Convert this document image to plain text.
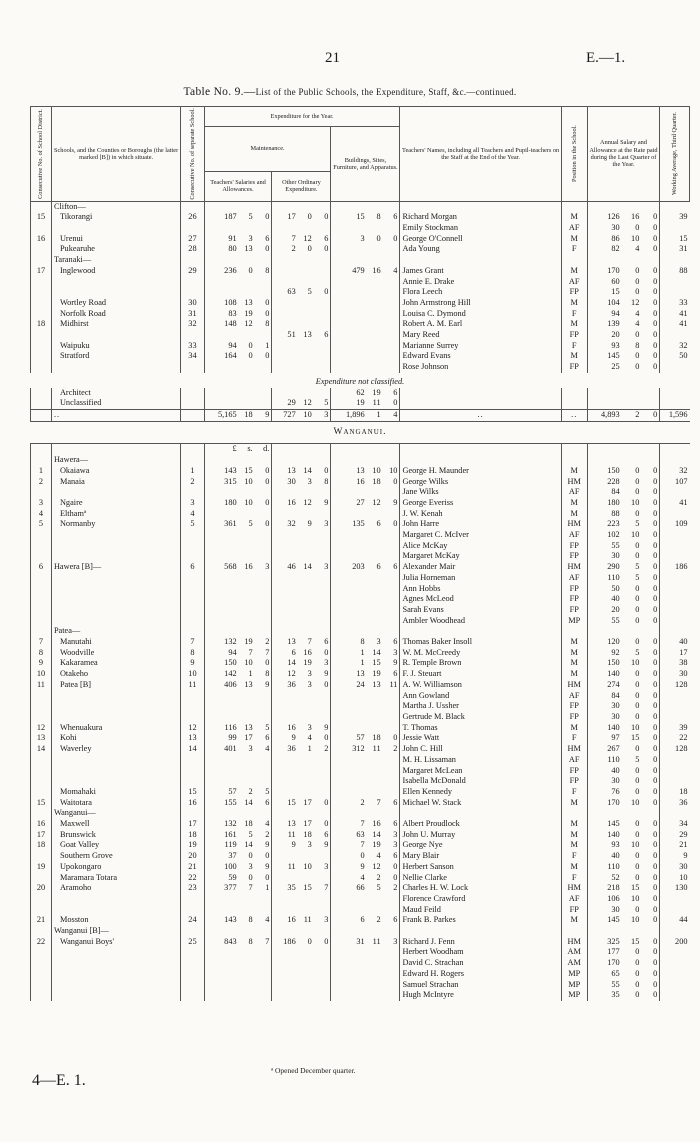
21	E.—1.
Table No. 9.—List of the Public Schools, the Expenditure, Staff, &c.—continued.
Consecutive No. of School District.	Schools, and the Counties or Boroughs (the latter marked [B]) in which situate.	Consecutive No. of separate School.	Expenditure for the Year.									Teachers' Names, including all Teachers and Pupil-teachers on the Staff at the End of the Year.	Position in the School.	Annual Salary and Allowance at the Rate paid during the Last Quarter of the Year.			Working Average, Third Quarter.

			Maintenance.						Buildings, Sites, Furniture, and Apparatus.								
			Teachers' Salaries and Allowances.			Other Ordinary Expenditure.											
	Clifton—																
15	Tikorangi	26	187	5	0	17	0	0	15	8	6	Richard Morgan	M	126	16	0	39
												Emily Stockman	AF	30	0	0	
16	Urenui	27	91	3	6	7	12	6	3	0	0	George O'Connell	M	86	10	0	15
	Pukearuhe	28	80	13	0	2	0	0				Ada Young	F	82	4	0	31
	Taranaki—																
17	Inglewood	29	236	0	8				479	16	4	James Grant	M	170	0	0	88
												Annie E. Drake	AF	60	0	0	
						63	5	0				Flora Leech	FP	15	0	0	
	Wortley Road	30	108	13	0							John Armstrong Hill	M	104	12	0	33
	Norfolk Road	31	83	19	0							Louisa C. Dymond	F	94	4	0	41
18	Midhirst	32	148	12	8							Robert A. M. Earl	M	139	4	0	41
						51	13	6				Mary Reed	FP	20	0	0	
	Waipuku	33	94	0	1							Marianne Surrey	F	93	8	0	32
	Stratford	34	164	0	0							Edward Evans	M	145	0	0	50
												Rose Johnson	FP	25	0	0	
Expenditure not classified.																	
	Architect								62	19	6						
	Unclassified					29	12	5	19	11	0						
	..		5,165	18	9	727	10	3	1,896	1	4	..	..	4,893	2	0	1,596
Wanganui.																	

			£	s.	d.												
	Hawera—																
1	Okaiawa	1	143	15	0	13	14	0	13	10	10	George H. Maunder	M	150	0	0	32
2	Manaia	2	315	10	0	30	3	8	16	18	0	George Wilks	HM	228	0	0	107
												Jane Wilks	AF	84	0	0	
3	Ngaire	3	180	10	0	16	12	9	27	12	9	George Everiss	M	180	10	0	41
4	Elthamª	4										J. W. Kenah	M	88	0	0	
5	Normanby	5	361	5	0	32	9	3	135	6	0	John Harre	HM	223	5	0	109
												Margaret C. McIver	AF	102	10	0	
												Alice McKay	FP	55	0	0	
												Margaret McKay	FP	30	0	0	
6	Hawera [B]—	6	568	16	3	46	14	3	203	6	6	Alexander Mair	HM	290	5	0	186
												Julia Horneman	AF	110	5	0	
												Ann Hobbs	FP	50	0	0	
												Agnes McLeod	FP	40	0	0	
												Sarah Evans	FP	20	0	0	
												Ambler Woodhead	MP	55	0	0	
	Patea—																
7	Manutahi	7	132	19	2	13	7	6	8	3	6	Thomas Baker Insoll	M	120	0	0	40
8	Woodville	8	94	7	7	6	16	0	1	14	3	W. M. McCreedy	M	92	5	0	17
9	Kakaramea	9	150	10	0	14	19	3	1	15	9	R. Temple Brown	M	150	10	0	38
10	Otakeho	10	142	1	8	12	3	9	13	19	6	F. J. Steuart	M	140	0	0	30
11	Patea [B]	11	406	13	9	36	3	0	24	13	11	A. W. Williamson	HM	274	0	0	128
												Ann Gowland	AF	84	0	0	
												Martha J. Ussher	FP	30	0	0	
												Gertrude M. Black	FP	30	0	0	
12	Whenuakura	12	116	13	5	16	3	9				T. Thomas	M	140	10	0	39
13	Kohi	13	99	17	6	9	4	0	57	18	0	Jessie Watt	F	97	15	0	22
14	Waverley	14	401	3	4	36	1	2	312	11	2	John C. Hill	HM	267	0	0	128
												M. H. Lissaman	AF	110	5	0	
												Margaret McLean	FP	40	0	0	
												Isabella McDonald	FP	30	0	0	
	Momahaki	15	57	2	5							Ellen Kennedy	F	76	0	0	18
15	Waitotara	16	155	14	6	15	17	0	2	7	6	Michael W. Stack	M	170	10	0	36
	Wanganui—																
16	Maxwell	17	132	18	4	13	17	0	7	16	6	Albert Proudlock	M	145	0	0	34
17	Brunswick	18	161	5	2	11	18	6	63	14	3	John U. Murray	M	140	0	0	29
18	Goat Valley	19	119	14	9	9	3	9	7	19	3	George Nye	M	93	10	0	21
	Southern Grove	20	37	0	0				0	4	6	Mary Blair	F	40	0	0	9
19	Upokongaro	21	100	3	9	11	10	3	9	12	0	Herbert Sanson	M	110	0	0	30
	Maramara Totara	22	59	0	0				4	2	0	Nellie Clarke	F	52	0	0	10
20	Aramoho	23	377	7	1	35	15	7	66	5	2	Charles H. W. Lock	HM	218	15	0	130
												Florence Crawford	AF	106	10	0	
												Maud Feild	FP	30	0	0	
21	Mosston	24	143	8	4	16	11	3	6	2	6	Frank B. Parkes	M	145	10	0	44
	Wanganui [B]—																
22	Wanganui Boys'	25	843	8	7	186	0	0	31	11	3	Richard J. Fenn	HM	325	15	0	200
												Herbert Woodham	AM	177	0	0	
												David C. Strachan	AM	170	0	0	
												Edward H. Rogers	MP	65	0	0	
												Samuel Strachan	MP	55	0	0	
												Hugh McIntyre	MP	35	0	0	
4—E. 1.
ª Opened December quarter.
